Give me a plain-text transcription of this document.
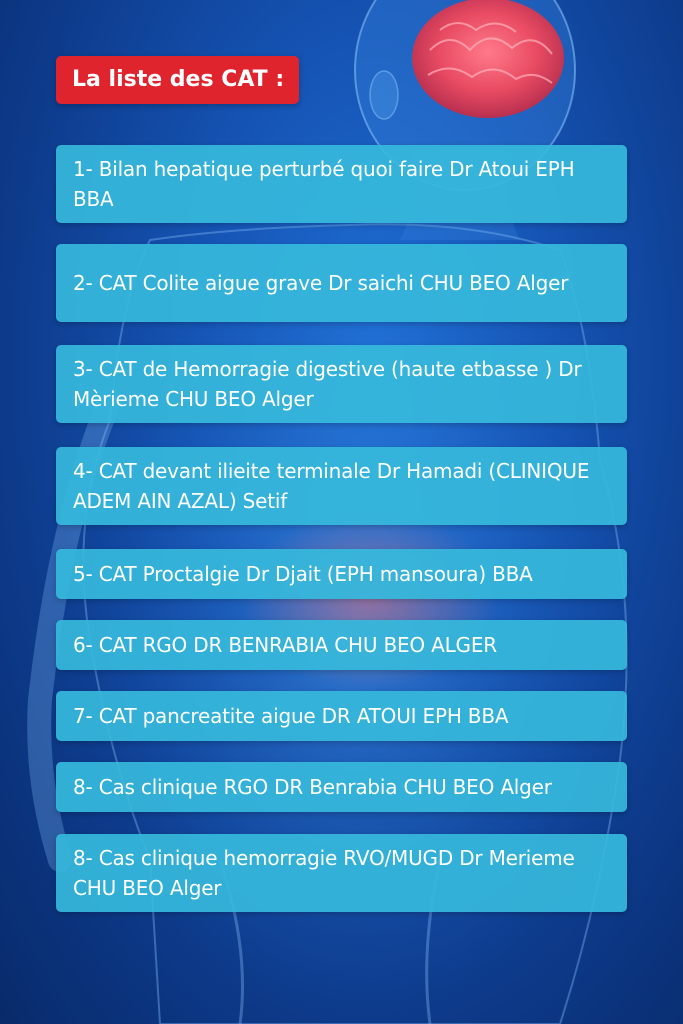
La liste des CAT :
1- Bilan hepatique perturbé quoi faire Dr Atoui EPH BBA
2- CAT Colite aigue grave Dr saichi CHU BEO Alger
3- CAT de Hemorragie digestive (haute etbasse ) Dr Mèrieme CHU BEO Alger
4- CAT devant ilieite terminale Dr Hamadi (CLINIQUE ADEM AIN AZAL) Setif
5- CAT Proctalgie Dr Djait (EPH mansoura) BBA
6- CAT RGO DR BENRABIA CHU BEO ALGER
7- CAT pancreatite aigue DR ATOUI EPH BBA
8- Cas clinique RGO DR Benrabia CHU BEO Alger
8- Cas clinique hemorragie RVO/MUGD Dr Merieme CHU BEO Alger
